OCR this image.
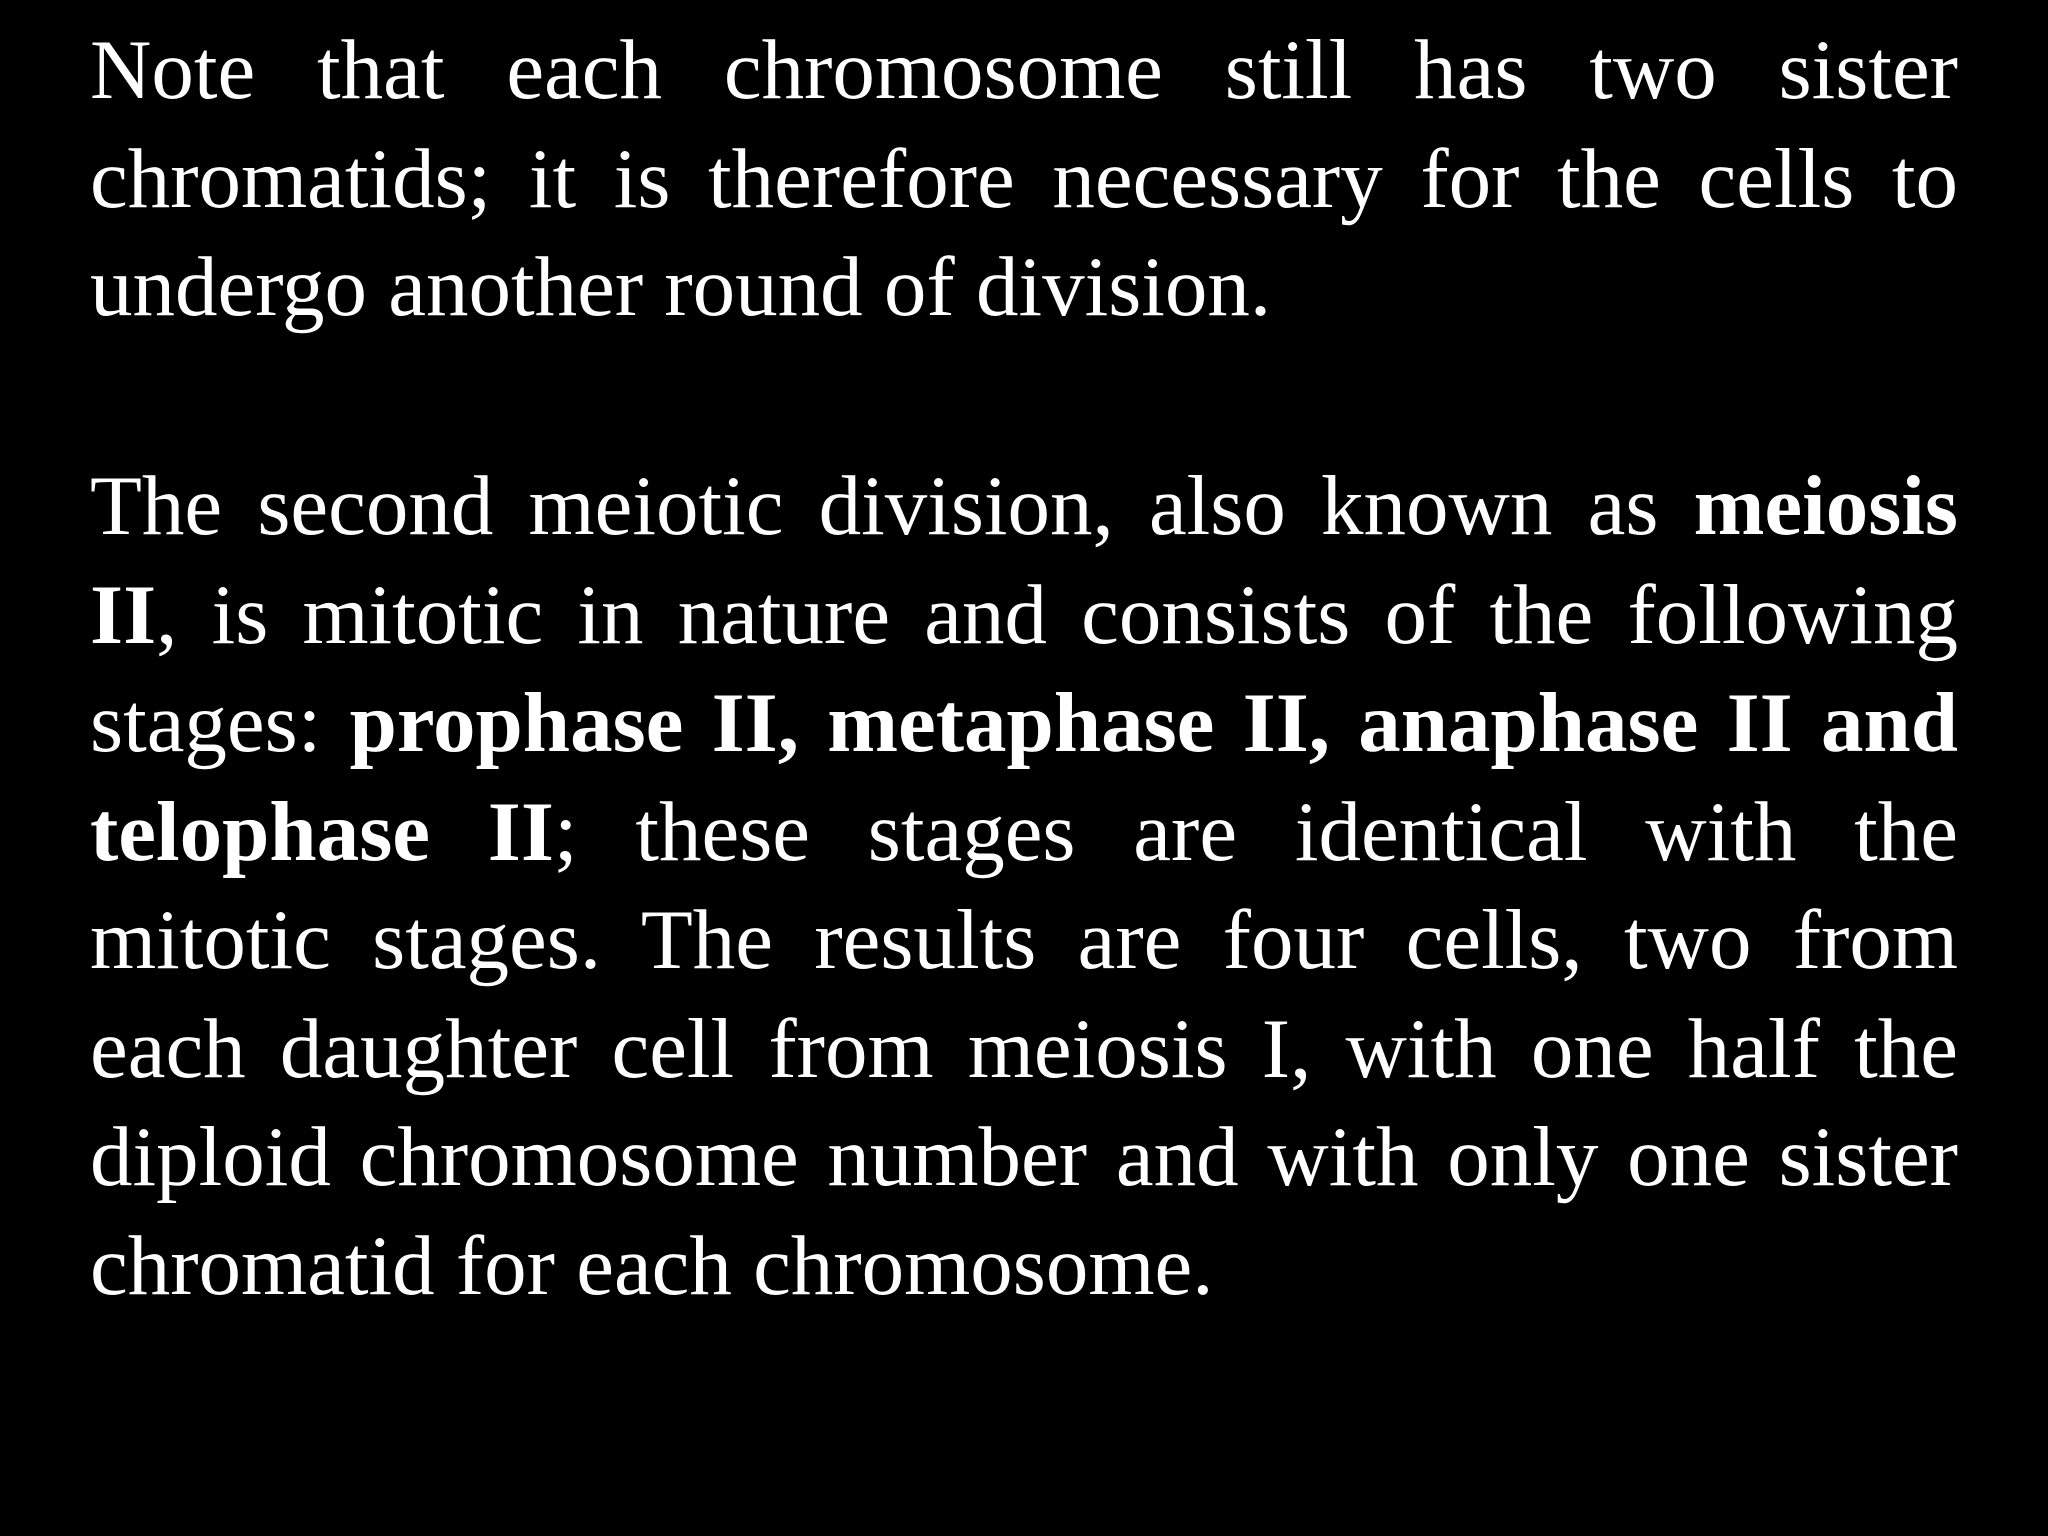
Note that each chromosome still has two sister chromatids; it is therefore necessary for the cells to undergo another round of division.

The second meiotic division, also known as meiosis II, is mitotic in nature and consists of the following stages: prophase II, metaphase II, anaphase II and telophase II; these stages are identical with the mitotic stages. The results are four cells, two from each daughter cell from meiosis I, with one half the diploid chromosome number and with only one sister chromatid for each chromosome.
